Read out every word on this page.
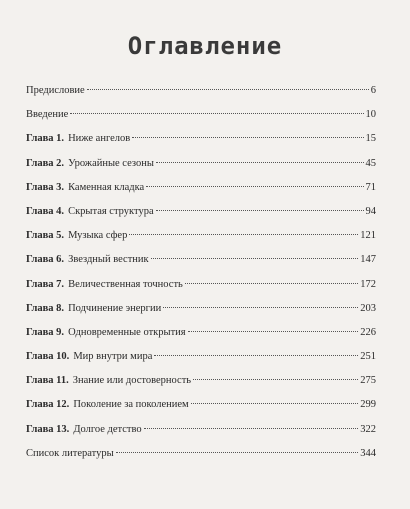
Оглавление
Предисловие	6
Введение	10
Глава 1. Ниже ангелов	15
Глава 2. Урожайные сезоны	45
Глава 3. Каменная кладка	71
Глава 4. Скрытая структура	94
Глава 5. Музыка сфер	121
Глава 6. Звездный вестник	147
Глава 7. Величественная точность	172
Глава 8. Подчинение энергии	203
Глава 9. Одновременные открытия	226
Глава 10. Мир внутри мира	251
Глава 11. Знание или достоверность	275
Глава 12. Поколение за поколением	299
Глава 13. Долгое детство	322
Список литературы	344
